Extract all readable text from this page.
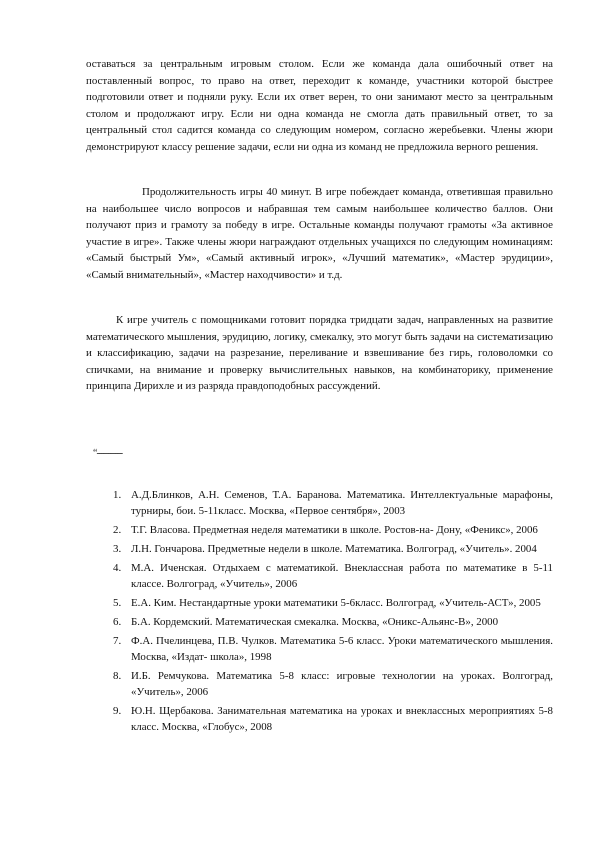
оставаться за центральным игровым столом. Если же команда дала ошибочный ответ на поставленный вопрос, то право на ответ, переходит к команде, участники которой быстрее подготовили ответ и подняли руку. Если их ответ верен, то они занимают место за центральным столом и продолжают игру. Если ни одна команда не смогла дать правильный ответ, то за центральный стол садится команда со следующим номером, согласно жеребьевки. Члены жюри демонстрируют классу решение задачи, если ни одна из команд не предложила верного решения.

Продолжительность игры 40 минут. В игре побеждает команда, ответившая правильно на наибольшее число вопросов и набравшая тем самым наибольшее количество баллов. Они получают приз и грамоту за победу в игре. Остальные команды получают грамоты «За активное участие в игре». Также члены жюри награждают отдельных учащихся по следующим номинациям: «Самый быстрый Ум», «Самый активный игрок», «Лучший математик», «Мастер эрудиции», «Самый внимательный», «Мастер находчивости» и т.д.

К игре учитель с помощниками готовит порядка тридцати задач, направленных на развитие математического мышления, эрудицию, логику, смекалку, это могут быть задачи на систематизацию и классификацию, задачи на разрезание, переливание и взвешивание без гирь, головоломки со спичками, на внимание и проверку вычислительных навыков, на комбинаторику, применение принципа Дирихле и из разряда правдоподобных рассуждений.

“-----------
1. А.Д.Блинков, А.Н. Семенов, Т.А. Баранова. Математика. Интеллектуальные марафоны, турниры, бои. 5-11класс. Москва, «Первое сентября», 2003
2. Т.Г. Власова. Предметная неделя математики в школе. Ростов-на- Дону, «Феникс», 2006
3. Л.Н. Гончарова. Предметные недели в школе. Математика. Волгоград, «Учитель». 2004
4. М.А. Иченская. Отдыхаем с математикой. Внеклассная работа по математике в 5-11 классе. Волгоград, «Учитель», 2006
5. Е.А. Ким. Нестандартные уроки математики 5-6класс. Волгоград, «Учитель-АСТ», 2005
6. Б.А. Кордемский. Математическая смекалка. Москва, «Оникс-Альянс-В», 2000
7. Ф.А. Пчелинцева, П.В. Чулков. Математика 5-6 класс. Уроки математического мышления. Москва, «Издат- школа», 1998
8. И.Б. Ремчукова. Математика 5-8 класс: игровые технологии на уроках. Волгоград, «Учитель», 2006
9. Ю.Н. Щербакова. Занимательная математика на уроках и внеклассных мероприятиях 5-8 класс. Москва, «Глобус», 2008
